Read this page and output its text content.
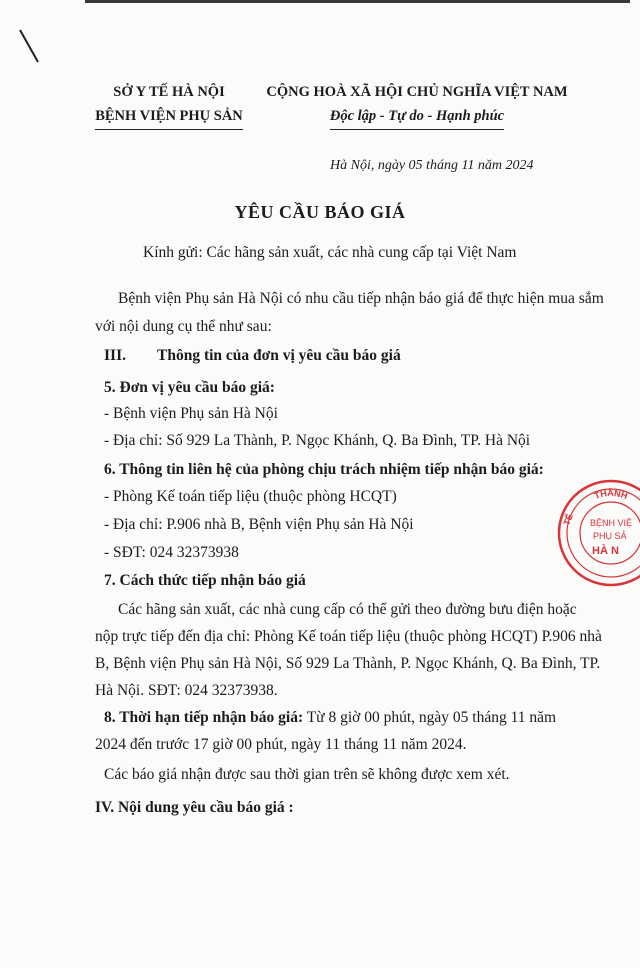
SỞ Y TẾ HÀ NỘI
BỆNH VIỆN PHỤ SẢN
CỘNG HOÀ XÃ HỘI CHỦ NGHĨA VIỆT NAM
Độc lập - Tự do - Hạnh phúc
Hà Nội, ngày 05 tháng 11 năm 2024
YÊU CẦU BÁO GIÁ
Kính gửi: Các hãng sản xuất, các nhà cung cấp tại Việt Nam
Bệnh viện Phụ sản Hà Nội có nhu cầu tiếp nhận báo giá để thực hiện mua sắm
với nội dung cụ thể như sau:
III. Thông tin của đơn vị yêu cầu báo giá
5. Đơn vị yêu cầu báo giá:
- Bệnh viện Phụ sản Hà Nội
- Địa chỉ: Số 929 La Thành, P. Ngọc Khánh, Q. Ba Đình, TP. Hà Nội
6. Thông tin liên hệ của phòng chịu trách nhiệm tiếp nhận báo giá:
- Phòng Kế toán tiếp liệu (thuộc phòng HCQT)
- Địa chỉ: P.906 nhà B, Bệnh viện Phụ sản Hà Nội
- SĐT: 024 32373938
7. Cách thức tiếp nhận báo giá
Các hãng sản xuất, các nhà cung cấp có thể gửi theo đường bưu điện hoặc
nộp trực tiếp đến địa chỉ: Phòng Kế toán tiếp liệu (thuộc phòng HCQT) P.906 nhà
B, Bệnh viện Phụ sản Hà Nội, Số 929 La Thành, P. Ngọc Khánh, Q. Ba Đình, TP.
Hà Nội. SĐT: 024 32373938.
8. Thời hạn tiếp nhận báo giá: Từ 8 giờ 00 phút, ngày 05 tháng 11 năm
2024 đến trước 17 giờ 00 phút, ngày 11 tháng 11 năm 2024.
Các báo giá nhận được sau thời gian trên sẽ không được xem xét.
IV. Nội dung yêu cầu báo giá :
THÀNH
TẾ BỆNH VIỆ
PHỤ SẢ
HÀ N
